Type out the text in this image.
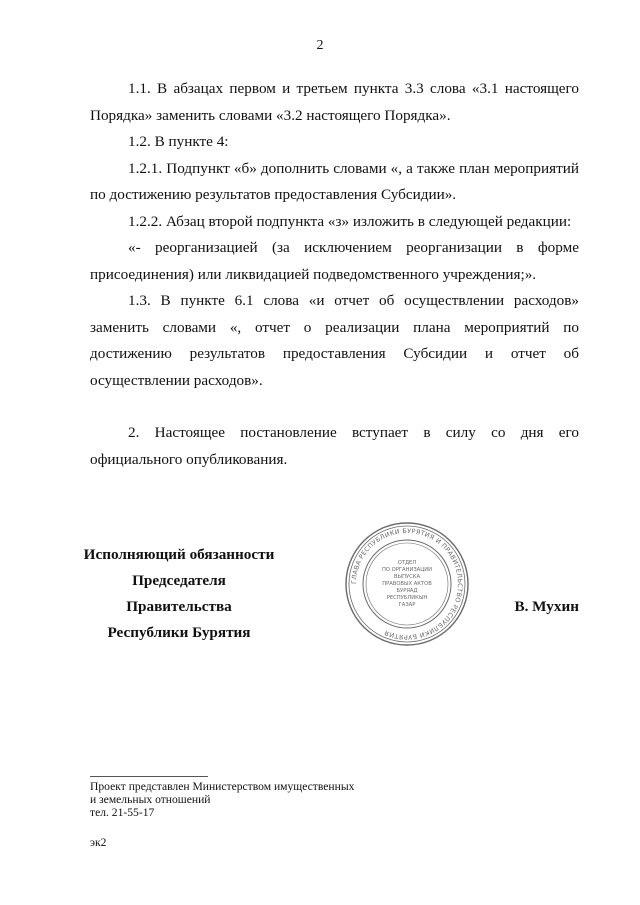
2

1.1. В абзацах первом и третьем пункта 3.3 слова «3.1 настоящего Порядка» заменить словами «3.2 настоящего Порядка».

1.2. В пункте 4:

1.2.1. Подпункт «б» дополнить словами «, а также план мероприятий по достижению результатов предоставления Субсидии».

1.2.2. Абзац второй подпункта «з» изложить в следующей редакции:

«- реорганизацией (за исключением реорганизации в форме присоединения) или ликвидацией подведомственного учреждения;».

1.3. В пункте 6.1 слова «и отчет об осуществлении расходов» заменить словами «, отчет о реализации плана мероприятий по достижению результатов предоставления Субсидии и отчет об осуществлении расходов».

2. Настоящее постановление вступает в силу со дня его официального опубликования.

Исполняющий обязанности
Председателя Правительства
Республики Бурятия
В. Мухин
ГЛАВА РЕСПУБЛИКИ БУРЯТИЯ И ПРАВИТЕЛЬСТВО РЕСПУБЛИКИ БУРЯТИЯ
ОТДЕЛ
ПО ОРГАНИЗАЦИИ
ВЫПУСКА
ПРАВОВЫХ АКТОВ
БУРЯАД
РЕСПУБЛИКЫН
ГАЗАР
Проект представлен Министерством имущественных
и земельных отношений
тел. 21-55-17
эк2
